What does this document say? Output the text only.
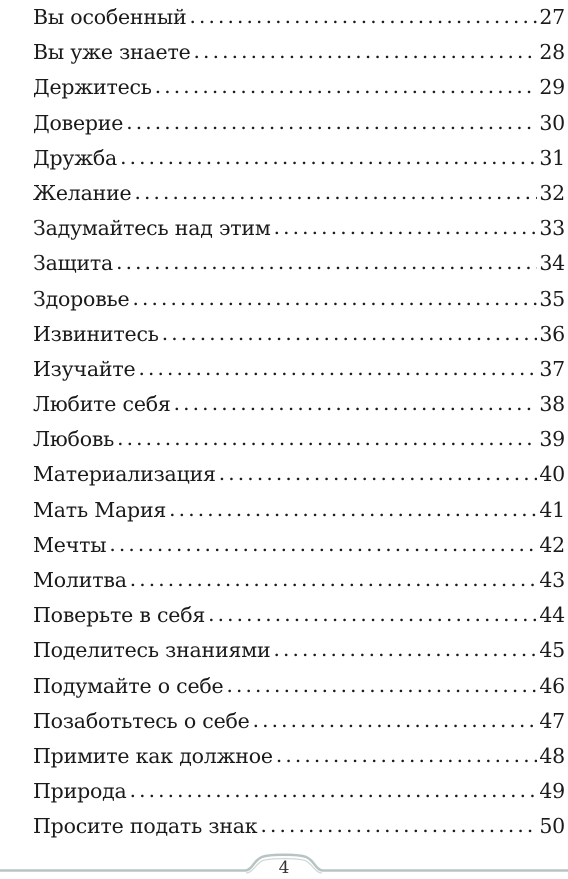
Вы особенный . . .	27
Вы уже знаете . . .	28
Держитесь . . .	29
Доверие . . .	30
Дружба . . .	31
Желание . . .	32
Задумайтесь над этим . . .	33
Защита . . .	34
Здоровье . . .	35
Извинитесь . . .	36
Изучайте . . .	37
Любите себя . . .	38
Любовь . . .	39
Материализация . . .	40
Мать Мария . . .	41
Мечты . . .	42
Молитва . . .	43
Поверьте в себя . . .	44
Поделитесь знаниями . . .	45
Подумайте о себе . . .	46
Позаботьтесь о себе . . .	47
Примите как должное . . .	48
Природа . . .	49
Просите подать знак . . .	50
4
